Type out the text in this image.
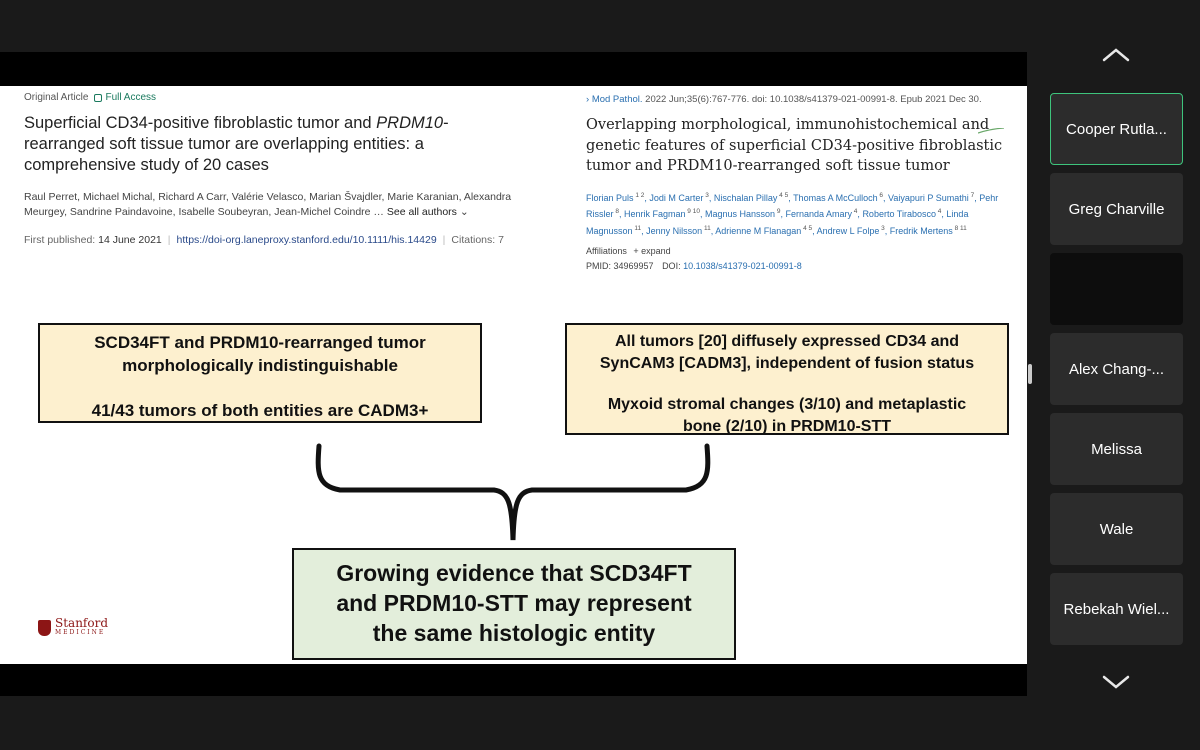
Original Article Full Access
Superficial CD34-positive fibroblastic tumor and PRDM10-rearranged soft tissue tumor are overlapping entities: a comprehensive study of 20 cases
Raul Perret, Michael Michal, Richard A Carr, Valérie Velasco, Marian Švajdler, Marie Karanian, Alexandra Meurgey, Sandrine Paindavoine, Isabelle Soubeyran, Jean-Michel Coindre … See all authors ⌄
First published: 14 June 2021 | https://doi-org.laneproxy.stanford.edu/10.1111/his.14429 | Citations: 7
› Mod Pathol. 2022 Jun;35(6):767-776. doi: 10.1038/s41379-021-00991-8. Epub 2021 Dec 30.
Overlapping morphological, immunohistochemical and genetic features of superficial CD34-positive fibroblastic tumor and PRDM10-rearranged soft tissue tumor
Florian Puls $^{1 2}$, Jodi M Carter $^3$, Nischalan Pillay $^{4 5}$, Thomas A McCulloch $^6$, Vaiyapuri P Sumathi $^7$, Pehr Rissler $^8$, Henrik Fagman $^{9 10}$, Magnus Hansson $^9$, Fernanda Amary $^4$, Roberto Tirabosco $^4$, Linda Magnusson $^{11}$, Jenny Nilsson $^{11}$, Adrienne M Flanagan $^{4 5}$, Andrew L Folpe $^3$, Fredrik Mertens $^{8 11}$
Affiliations + expand
PMID: 34969957 DOI: 10.1038/s41379-021-00991-8
SCD34FT and PRDM10-rearranged tumor
morphologically indistinguishable
41/43 tumors of both entities are CADM3+
All tumors [20] diffusely expressed CD34 and
SynCAM3 [CADM3], independent of fusion status
Myxoid stromal changes (3/10) and metaplastic
bone (2/10) in PRDM10-STT
Growing evidence that SCD34FT
and PRDM10-STT may represent
the same histologic entity
Stanford
MEDICINE
Cooper Rutla...
Greg Charville
Alex Chang-...
Melissa
Wale
Rebekah Wiel...
